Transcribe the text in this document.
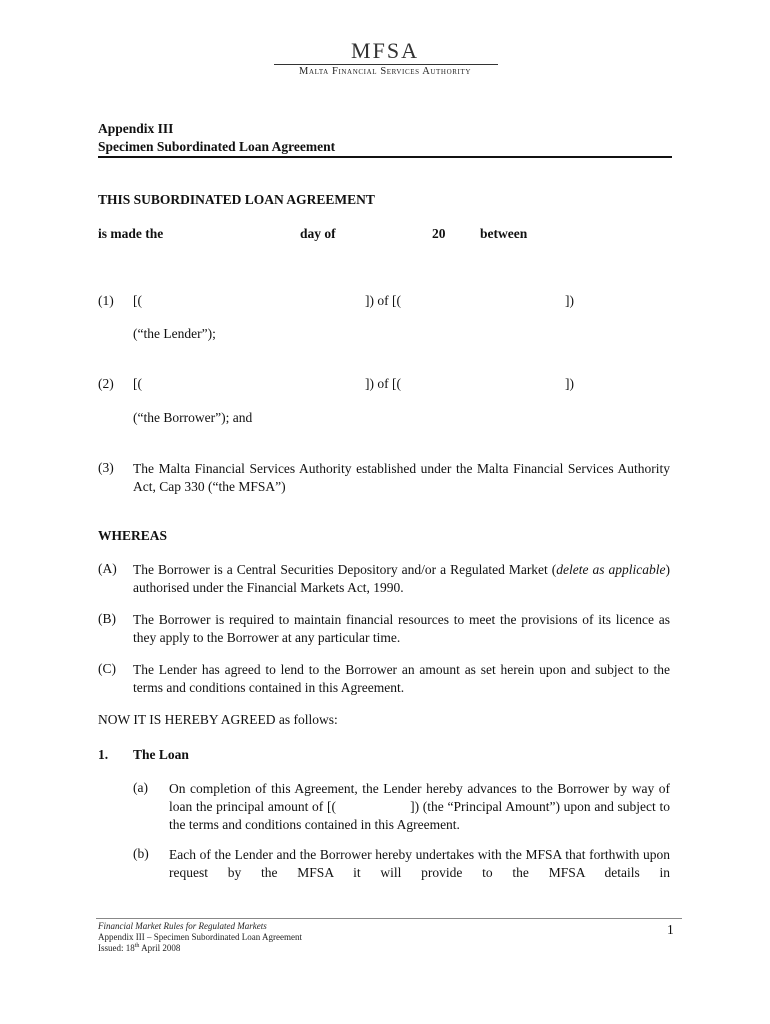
MFSA
Malta Financial Services Authority
Appendix III
Specimen Subordinated Loan Agreement
THIS SUBORDINATED LOAN AGREEMENT
is made the	day of	20	between
(1) [(	]) of [(	])
(“the Lender”);
(2) [(	]) of [(	])
(“the Borrower”); and
(3) The Malta Financial Services Authority established under the Malta Financial Services Authority Act, Cap 330 (“the MFSA”)
WHEREAS
(A) The Borrower is a Central Securities Depository and/or a Regulated Market (delete as applicable) authorised under the Financial Markets Act, 1990.
(B) The Borrower is required to maintain financial resources to meet the provisions of its licence as they apply to the Borrower at any particular time.
(C) The Lender has agreed to lend to the Borrower an amount as set herein upon and subject to the terms and conditions contained in this Agreement.
NOW IT IS HEREBY AGREED as follows:
1. The Loan
(a) On completion of this Agreement, the Lender hereby advances to the Borrower by way of loan the principal amount of [(                    ]) (the “Principal Amount”) upon and subject to the terms and conditions contained in this Agreement.
(b) Each of the Lender and the Borrower hereby undertakes with the MFSA that forthwith upon request by the MFSA it will provide to the MFSA details in
Financial Market Rules for Regulated Markets
Appendix III – Specimen Subordinated Loan Agreement
Issued: 18th April 2008
1
